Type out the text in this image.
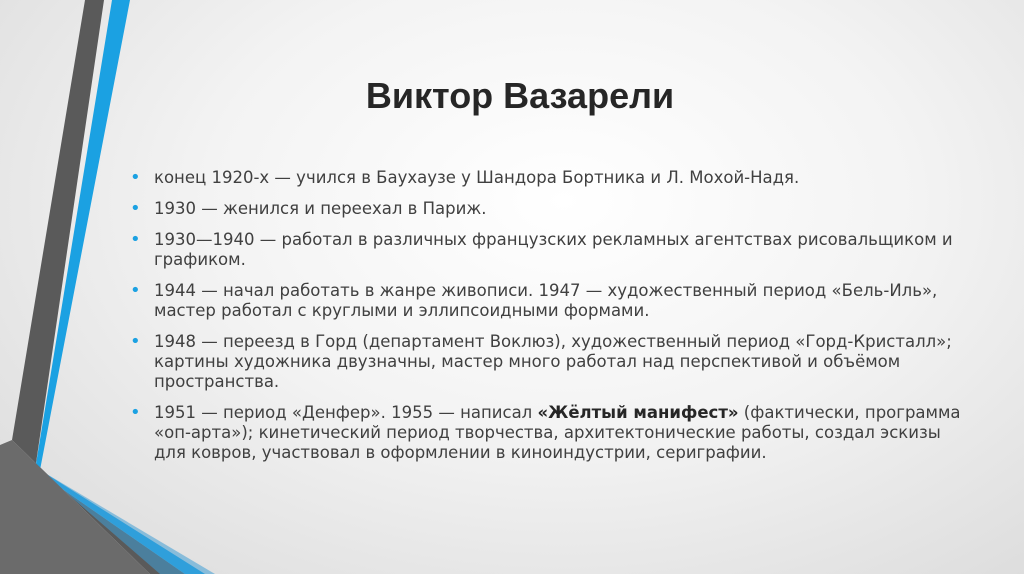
Виктор Вазарели
• конец 1920-х — учился в Баухаузе у Шандора Бортника и Л. Мохой-Надя.
• 1930 — женился и переехал в Париж.
• 1930—1940 — работал в различных французских рекламных агентствах рисовальщиком и графиком.
• 1944 — начал работать в жанре живописи. 1947 — художественный период «Бель-Иль», мастер работал с круглыми и эллипсоидными формами.
• 1948 — переезд в Горд (департамент Воклюз), художественный период «Горд-Кристалл»; картины художника двузначны, мастер много работал над перспективой и объёмом пространства.
• 1951 — период «Денфер». 1955 — написал «Жёлтый манифест» (фактически, программа «оп-арта»); кинетический период творчества, архитектонические работы, создал эскизы для ковров, участвовал в оформлении в киноиндустрии, сериграфии.
